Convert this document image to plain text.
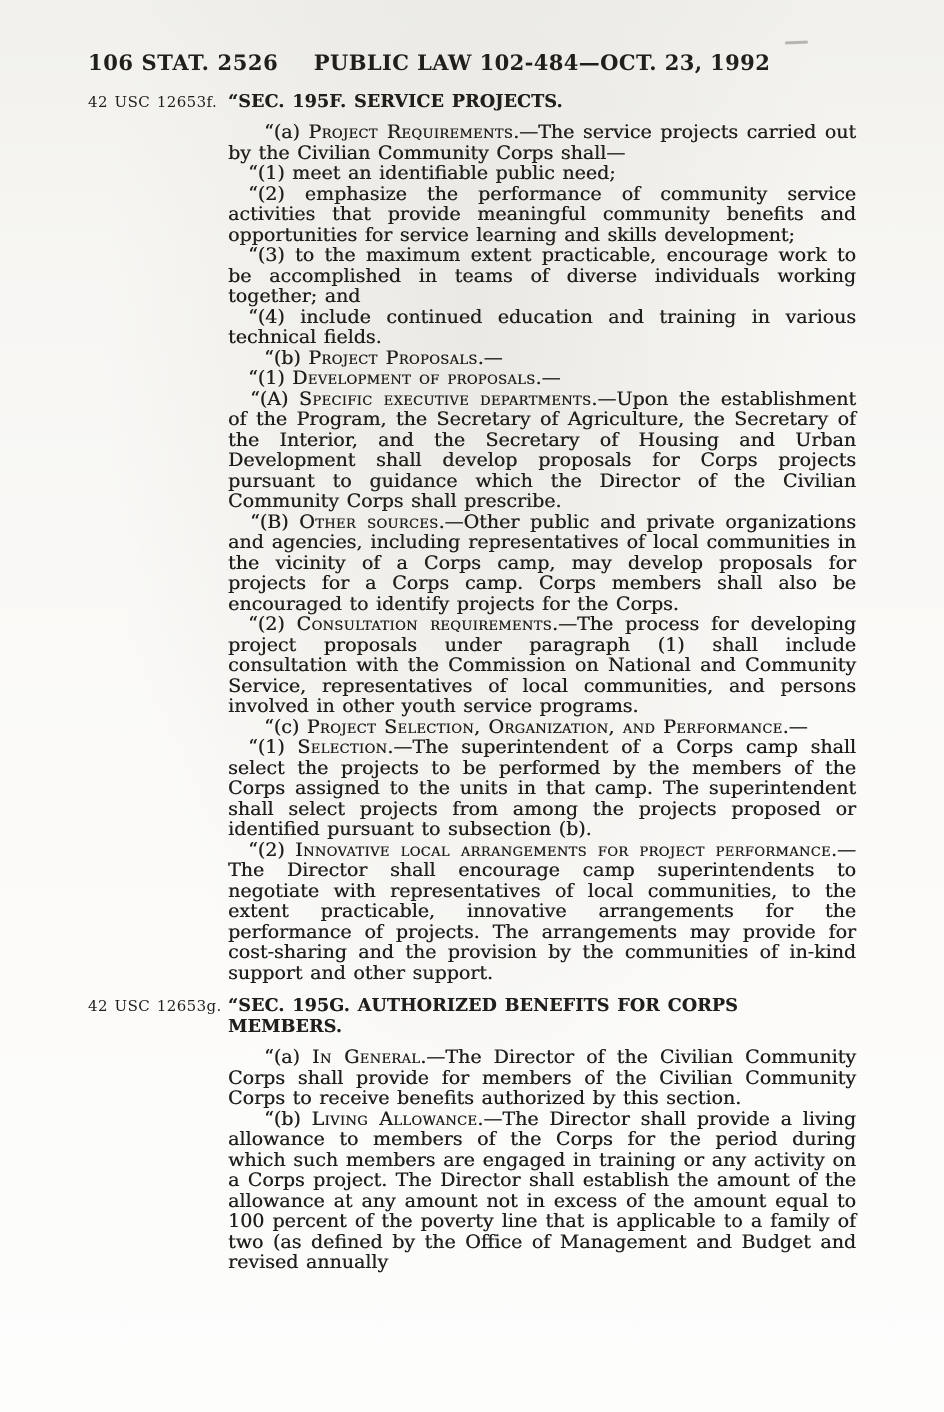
106 STAT. 2526	PUBLIC LAW 102-484—OCT. 23, 1992
42 USC 12653f. “SEC. 195F. SERVICE PROJECTS.

“(a) Project Requirements.—The service projects carried out by the Civilian Community Corps shall—

“(1) meet an identifiable public need;

“(2) emphasize the performance of community service activities that provide meaningful community benefits and opportunities for service learning and skills development;

“(3) to the maximum extent practicable, encourage work to be accomplished in teams of diverse individuals working together; and

“(4) include continued education and training in various technical fields.

“(b) Project Proposals.—

“(1) Development of proposals.—

“(A) Specific executive departments.—Upon the establishment of the Program, the Secretary of Agriculture, the Secretary of the Interior, and the Secretary of Housing and Urban Development shall develop proposals for Corps projects pursuant to guidance which the Director of the Civilian Community Corps shall prescribe.

“(B) Other sources.—Other public and private organizations and agencies, including representatives of local communities in the vicinity of a Corps camp, may develop proposals for projects for a Corps camp. Corps members shall also be encouraged to identify projects for the Corps.

“(2) Consultation requirements.—The process for developing project proposals under paragraph (1) shall include consultation with the Commission on National and Community Service, representatives of local communities, and persons involved in other youth service programs.

“(c) Project Selection, Organization, and Performance.—

“(1) Selection.—The superintendent of a Corps camp shall select the projects to be performed by the members of the Corps assigned to the units in that camp. The superintendent shall select projects from among the projects proposed or identified pursuant to subsection (b).

“(2) Innovative local arrangements for project performance.—The Director shall encourage camp superintendents to negotiate with representatives of local communities, to the extent practicable, innovative arrangements for the performance of projects. The arrangements may provide for cost-sharing and the provision by the communities of in-kind support and other support.

42 USC 12653g. “SEC. 195G. AUTHORIZED BENEFITS FOR CORPS MEMBERS.

“(a) In General.—The Director of the Civilian Community Corps shall provide for members of the Civilian Community Corps to receive benefits authorized by this section.

“(b) Living Allowance.—The Director shall provide a living allowance to members of the Corps for the period during which such members are engaged in training or any activity on a Corps project. The Director shall establish the amount of the allowance at any amount not in excess of the amount equal to 100 percent of the poverty line that is applicable to a family of two (as defined by the Office of Management and Budget and revised annually
